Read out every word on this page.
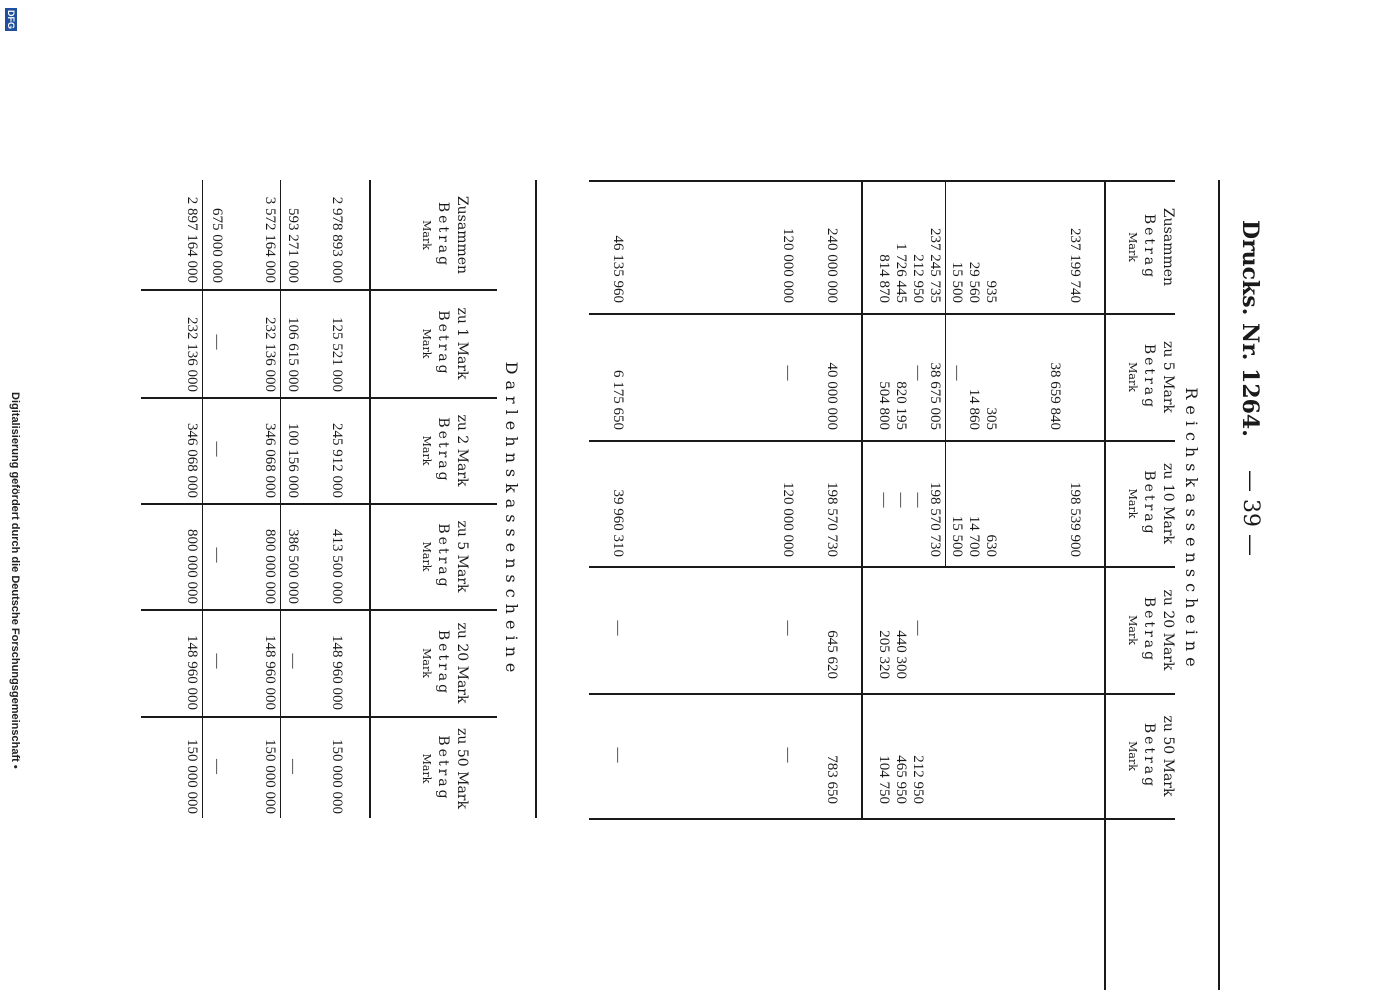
Drucks. Nr. 1264.
— 39 —
Reichskassenscheine
Zusammen
Betrag
Mark
zu 5 Mark
Betrag
Mark
zu 10 Mark
Betrag
Mark
zu 20 Mark
Betrag
Mark
zu 50 Mark
Betrag
Mark
237 199 740
935
29 560
15 500
237 245 735
212 950
1 726 445
814 870
240 000 000
120 000 000
46 135 960
38 659 840
305
14 860
—
38 675 005
—
820 195
504 800
40 000 000
—
6 175 650
198 539 900
630
14 700
15 500
198 570 730
—
—
—
198 570 730
120 000 000
39 960 310
—
440 300
205 320
645 620
—
—
212 950
465 950
104 750
783 650
—
—
Darlehnskassenscheine
Zusammen
Betrag
Mark
zu 1 Mark
Betrag
Mark
zu 2 Mark
Betrag
Mark
zu 5 Mark
Betrag
Mark
zu 20 Mark
Betrag
Mark
zu 50 Mark
Betrag
Mark
2 978 893 000
593 271 000
3 572 164 000
675 000 000
2 897 164 000
125 521 000
106 615 000
232 136 000
—
232 136 000
245 912 000
100 156 000
346 068 000
—
346 068 000
413 500 000
386 500 000
800 000 000
—
800 000 000
148 960 000
—
148 960 000
—
148 960 000
150 000 000
—
150 000 000
—
150 000 000
Digitalisierung gefördert durch die Deutsche Forschungsgemeinschaft •
DFG
